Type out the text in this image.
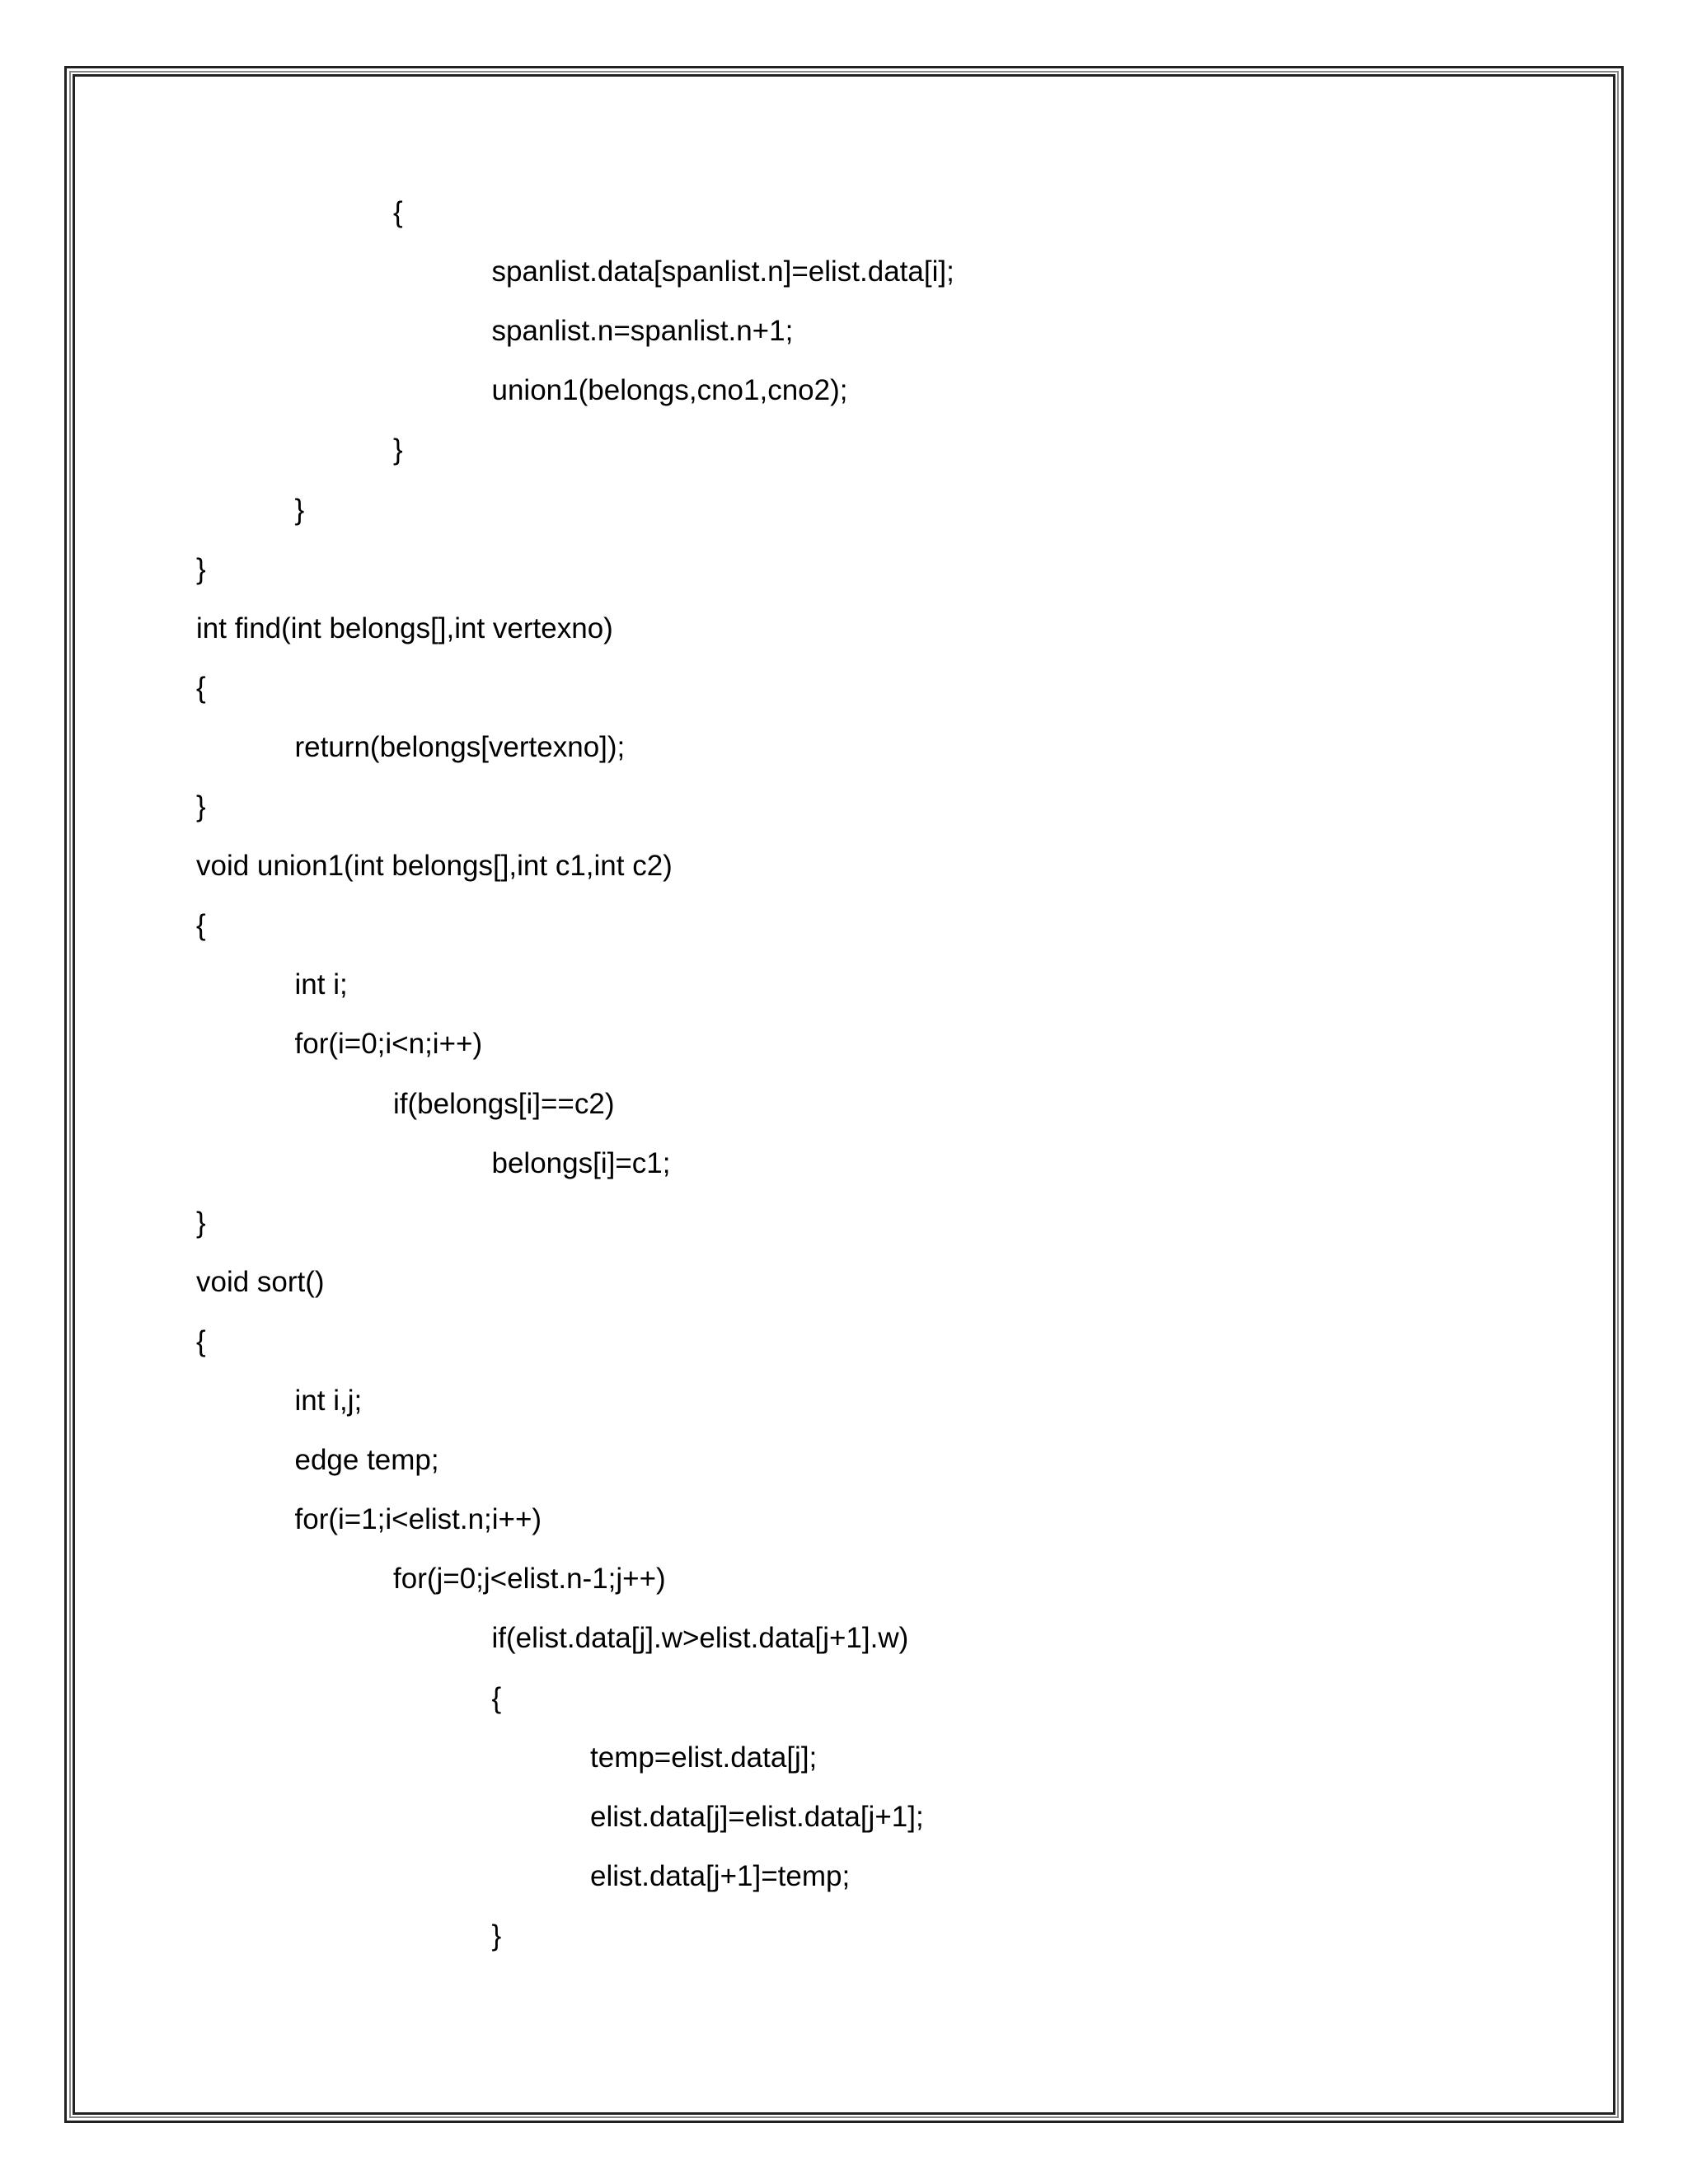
{
spanlist.data[spanlist.n]=elist.data[i];
spanlist.n=spanlist.n+1;
union1(belongs,cno1,cno2);
}
}
}
int find(int belongs[],int vertexno)
{
return(belongs[vertexno]);
}
void union1(int belongs[],int c1,int c2)
{
int i;
for(i=0;i<n;i++)
if(belongs[i]==c2)
belongs[i]=c1;
}
void sort()
{
int i,j;
edge temp;
for(i=1;i<elist.n;i++)
for(j=0;j<elist.n-1;j++)
if(elist.data[j].w>elist.data[j+1].w)
{
temp=elist.data[j];
elist.data[j]=elist.data[j+1];
elist.data[j+1]=temp;
}
